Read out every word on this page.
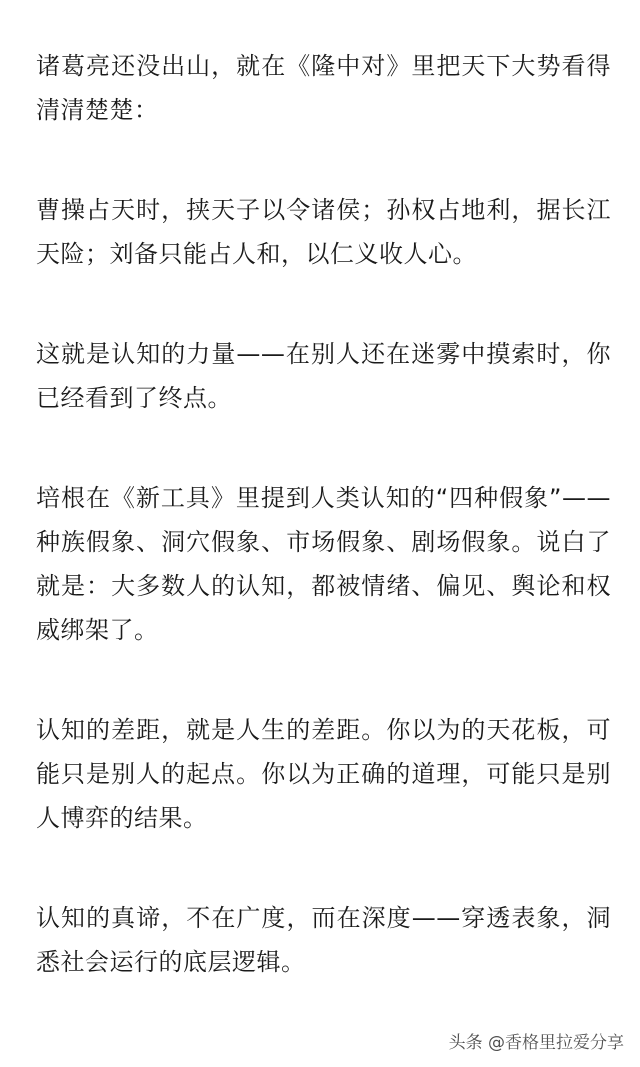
诸葛亮还没出山，就在《隆中对》里把天下大势看得清清楚楚：

曹操占天时，挟天子以令诸侯；孙权占地利，据长江天险；刘备只能占人和，以仁义收人心。

这就是认知的力量——在别人还在迷雾中摸索时，你已经看到了终点。

培根在《新工具》里提到人类认知的“四种假象”——种族假象、洞穴假象、市场假象、剧场假象。说白了就是：大多数人的认知，都被情绪、偏见、舆论和权威绑架了。

认知的差距，就是人生的差距。你以为的天花板，可能只是别人的起点。你以为正确的道理，可能只是别人博弈的结果。

认知的真谛，不在广度，而在深度——穿透表象，洞悉社会运行的底层逻辑。

头条 @香格里拉爱分享
